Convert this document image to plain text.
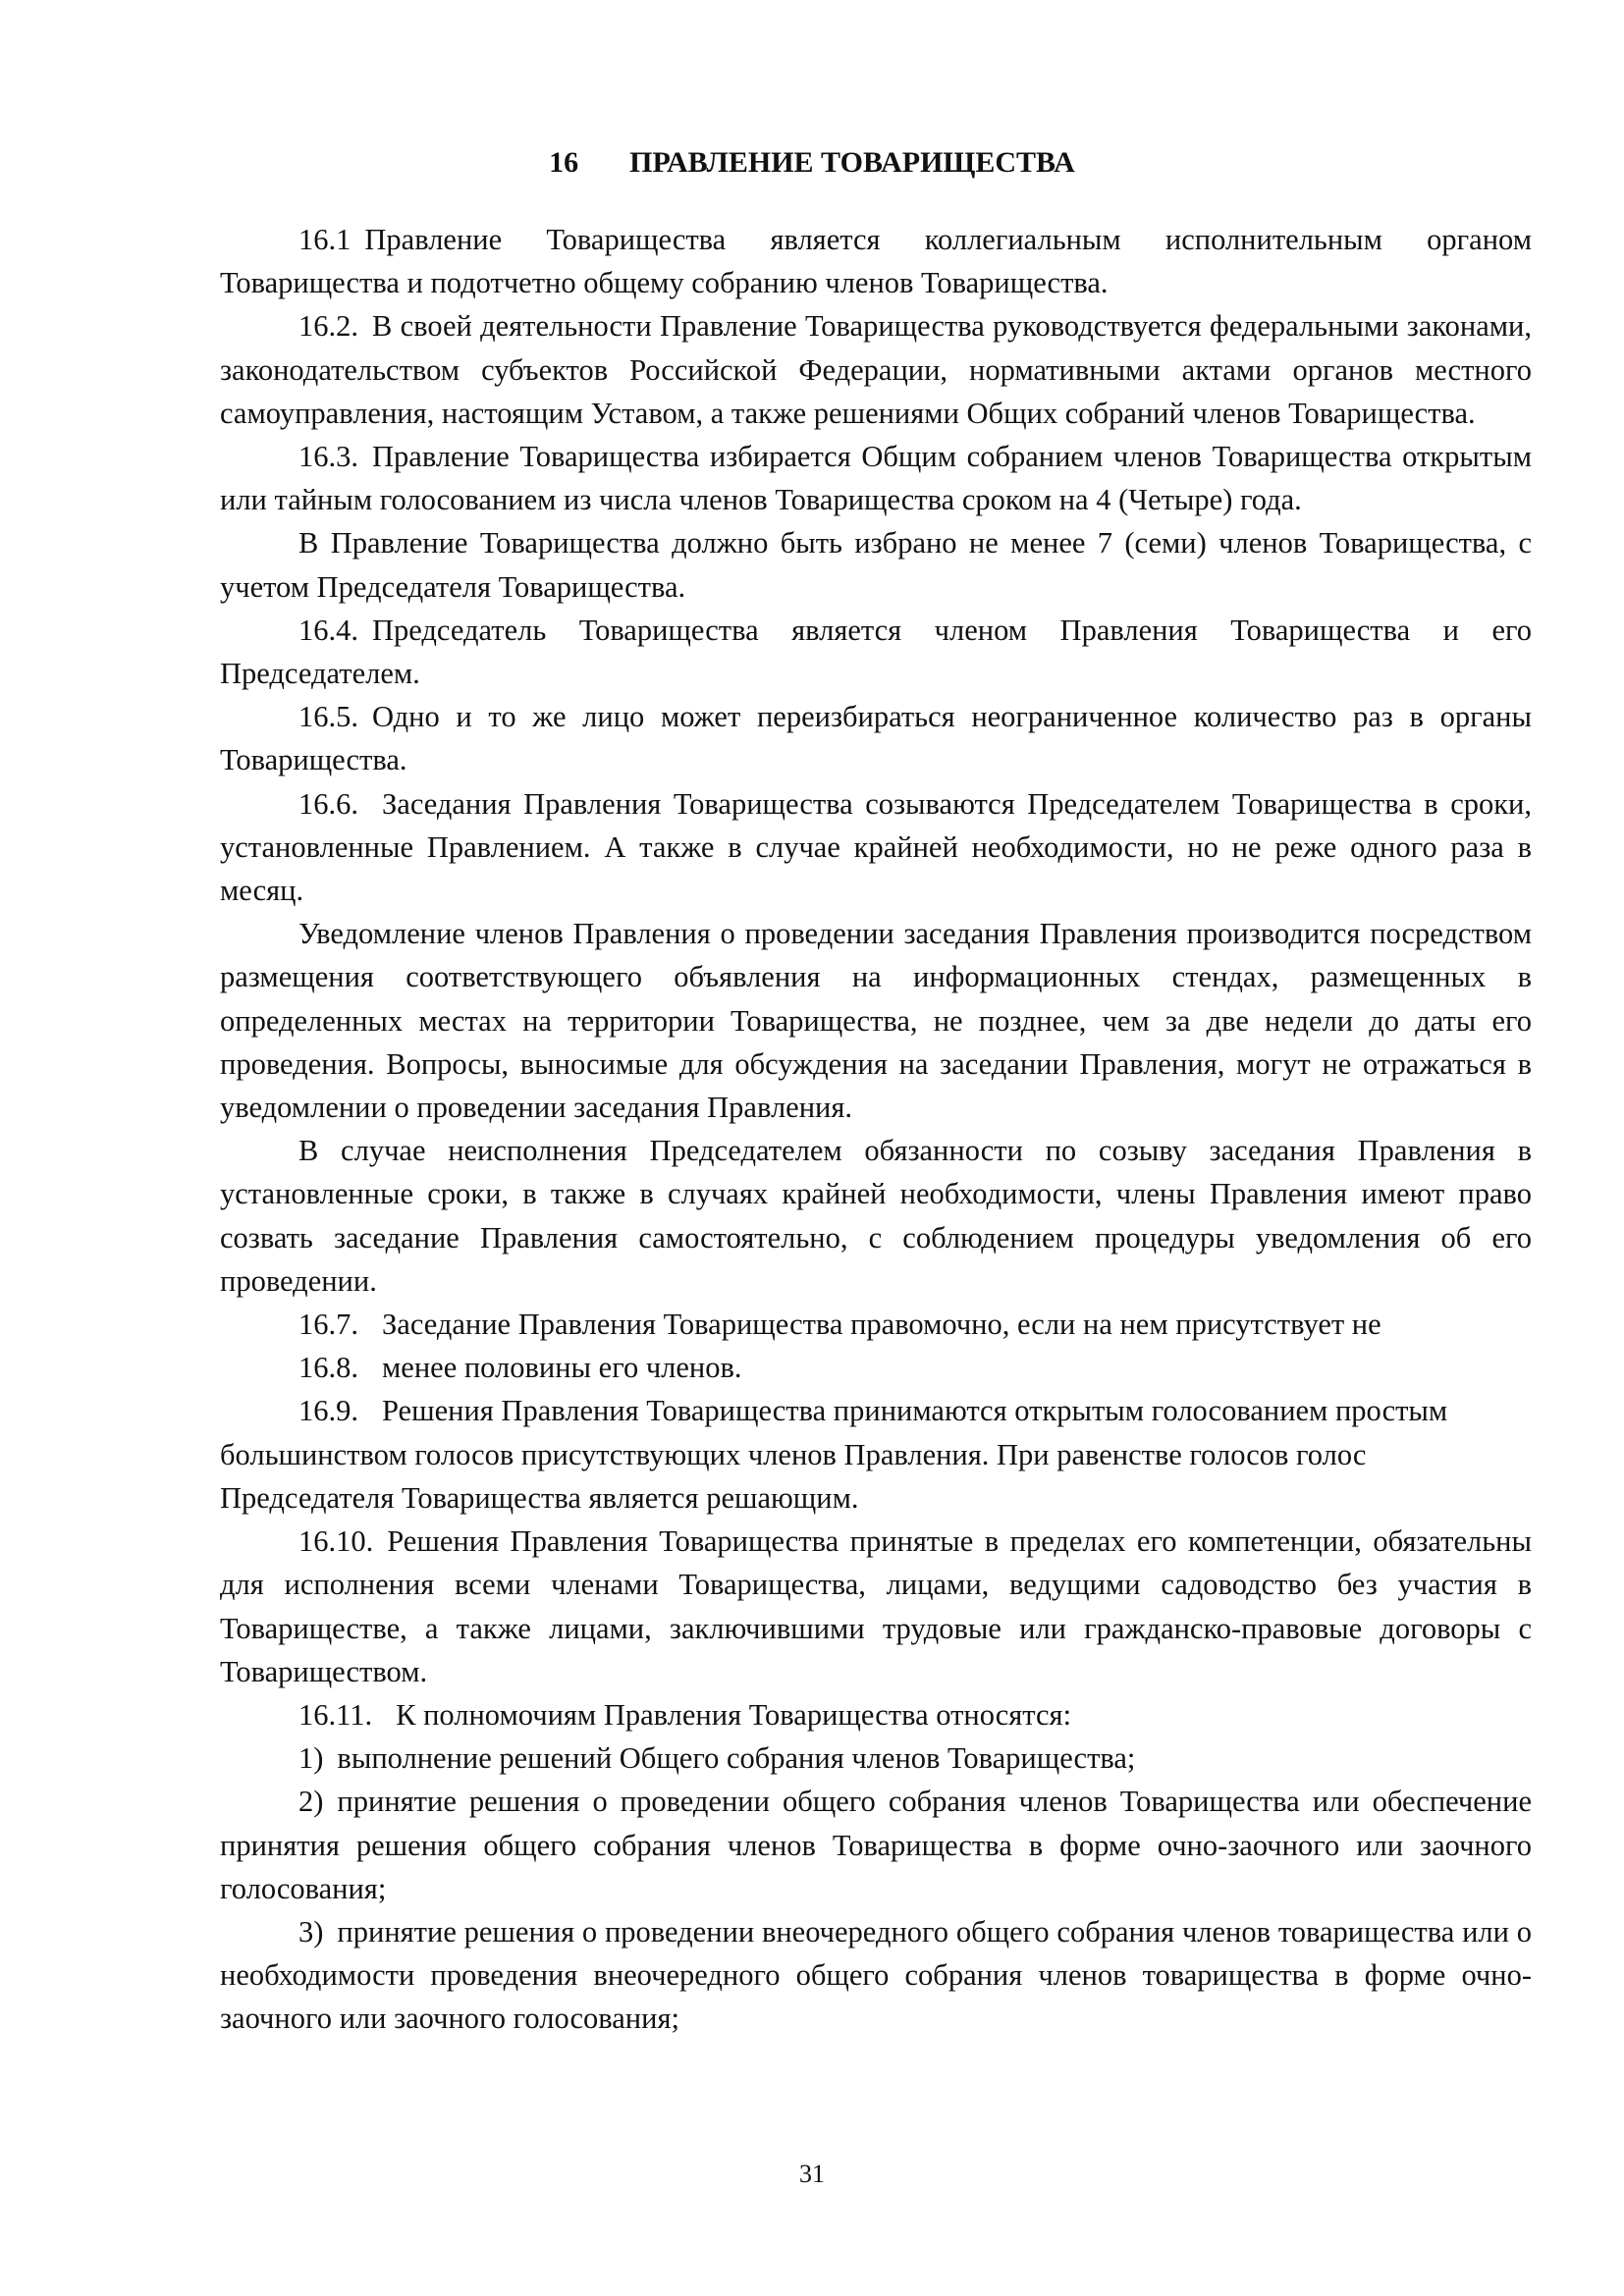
16 ПРАВЛЕНИЕ ТОВАРИЩЕСТВА

16.1 Правление Товарищества является коллегиальным исполнительным органом Товарищества и подотчетно общему собранию членов Товарищества.

16.2. В своей деятельности Правление Товарищества руководствуется федеральными законами, законодательством субъектов Российской Федерации, нормативными актами органов местного самоуправления, настоящим Уставом, а также решениями Общих собраний членов Товарищества.

16.3. Правление Товарищества избирается Общим собранием членов Товарищества открытым или тайным голосованием из числа членов Товарищества сроком на 4 (Четыре) года.

В Правление Товарищества должно быть избрано не менее 7 (семи) членов Товарищества, с учетом Председателя Товарищества.

16.4. Председатель Товарищества является членом Правления Товарищества и его Председателем.

16.5. Одно и то же лицо может переизбираться неограниченное количество раз в органы Товарищества.

16.6. Заседания Правления Товарищества созываются Председателем Товарищества в сроки, установленные Правлением. А также в случае крайней необходимости, но не реже одного раза в месяц.

Уведомление членов Правления о проведении заседания Правления производится посредством размещения соответствующего объявления на информационных стендах, размещенных в определенных местах на территории Товарищества, не позднее, чем за две недели до даты его проведения. Вопросы, выносимые для обсуждения на заседании Правления, могут не отражаться в уведомлении о проведении заседания Правления.

В случае неисполнения Председателем обязанности по созыву заседания Правления в установленные сроки, в также в случаях крайней необходимости, члены Правления имеют право созвать заседание Правления самостоятельно, с соблюдением процедуры уведомления об его проведении.

16.7. Заседание Правления Товарищества правомочно, если на нем присутствует не

16.8. менее половины его членов.

16.9. Решения Правления Товарищества принимаются открытым голосованием простым большинством голосов присутствующих членов Правления. При равенстве голосов голос Председателя Товарищества является решающим.

16.10. Решения Правления Товарищества принятые в пределах его компетенции, обязательны для исполнения всеми членами Товарищества, лицами, ведущими садоводство без участия в Товариществе, а также лицами, заключившими трудовые или гражданско-правовые договоры с Товариществом.

16.11. К полномочиям Правления Товарищества относятся:

1) выполнение решений Общего собрания членов Товарищества;

2) принятие решения о проведении общего собрания членов Товарищества или обеспечение принятия решения общего собрания членов Товарищества в форме очно-заочного или заочного голосования;

3) принятие решения о проведении внеочередного общего собрания членов товарищества или о необходимости проведения внеочередного общего собрания членов товарищества в форме очно-заочного или заочного голосования;

31
